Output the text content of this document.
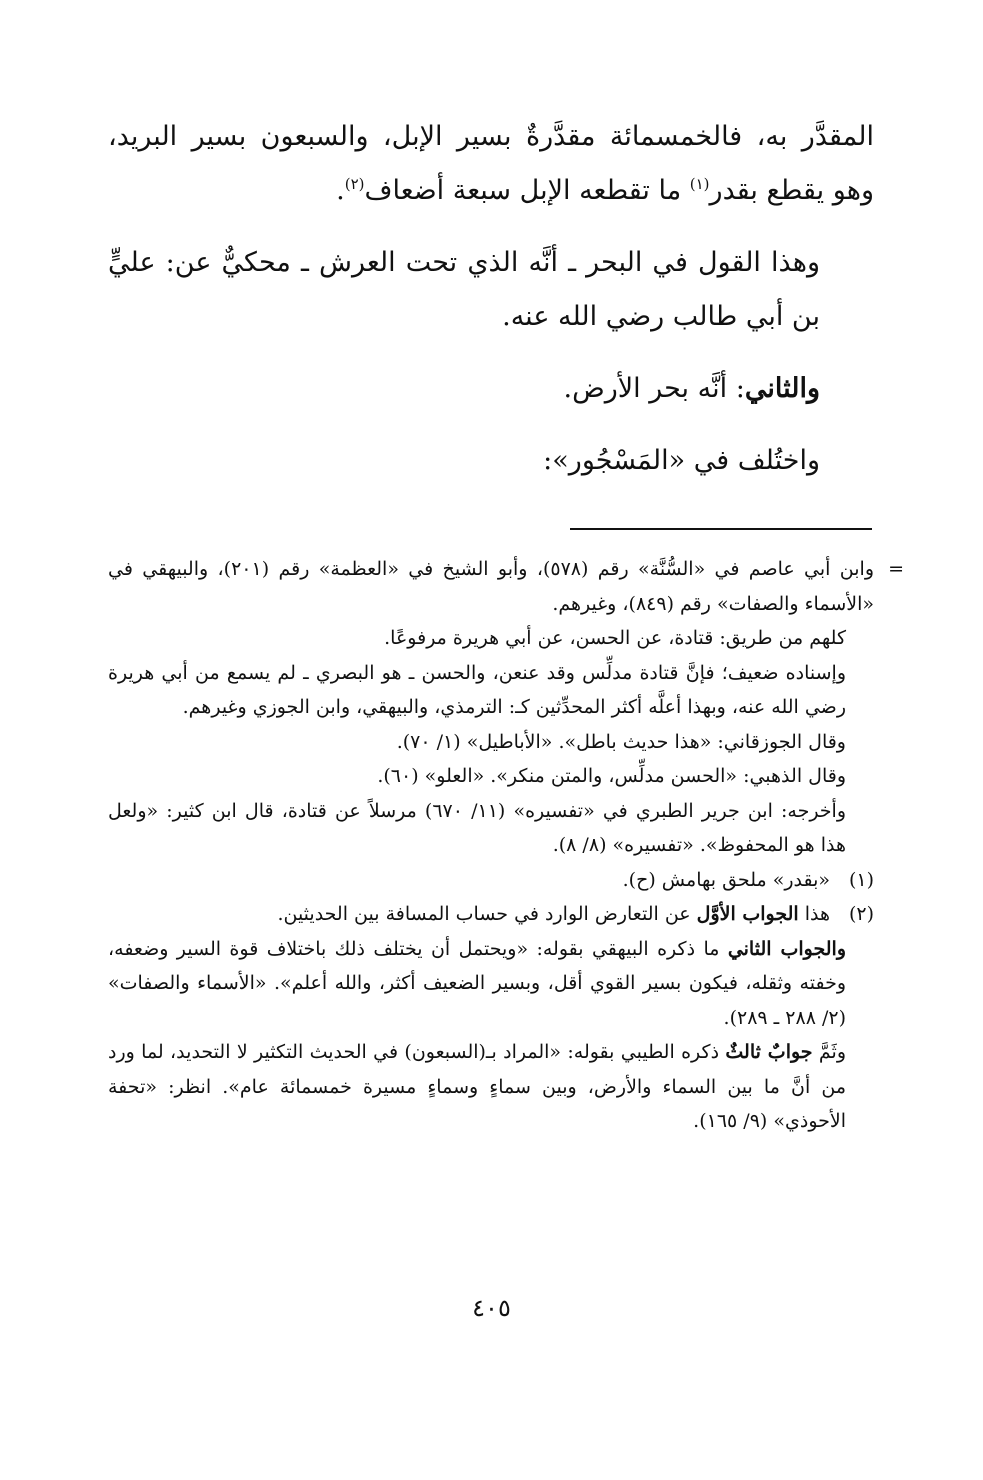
المقدَّر به، فالخمسمائة مقدَّرةٌ بسير الإبل، والسبعون بسير البريد، وهو يقطع بقدر$^{(١)}$ ما تقطعه الإبل سبعة أضعاف$^{(٢)}$.

وهذا القول في البحر ـ أنَّه الذي تحت العرش ـ محكيٌّ عن: عليٍّ بن أبي طالب رضي الله عنه.

والثاني: أنَّه بحر الأرض.

واختُلف في «المَسْجُور»:

=
وابن أبي عاصم في «السُّنَّة» رقم (٥٧٨)، وأبو الشيخ في «العظمة» رقم (٢٠١)، والبيهقي في «الأسماء والصفات» رقم (٨٤٩)، وغيرهم.

كلهم من طريق: قتادة، عن الحسن، عن أبي هريرة مرفوعًا.

وإسناده ضعيف؛ فإنَّ قتادة مدلِّس وقد عنعن، والحسن ـ هو البصري ـ لم يسمع من أبي هريرة رضي الله عنه، وبهذا أعلَّه أكثر المحدِّثين كـ: الترمذي، والبيهقي، وابن الجوزي وغيرهم.

وقال الجوزقاني: «هذا حديث باطل». «الأباطيل» (١/ ٧٠).

وقال الذهبي: «الحسن مدلِّس، والمتن منكر». «العلو» (٦٠).

وأخرجه: ابن جرير الطبري في «تفسيره» (١١/ ٦٧٠) مرسلاً عن قتادة، قال ابن كثير: «ولعل هذا هو المحفوظ». «تفسيره» (٨/ ٨).

(١)«بقدر» ملحق بهامش (ح).

(٢)هذا الجواب الأوَّل عن التعارض الوارد في حساب المسافة بين الحديثين.

والجواب الثاني ما ذكره البيهقي بقوله: «ويحتمل أن يختلف ذلك باختلاف قوة السير وضعفه، وخفته وثقله، فيكون بسير القوي أقل، وبسير الضعيف أكثر، والله أعلم». «الأسماء والصفات» (٢/ ٢٨٨ ـ ٢٨٩).

وثَمَّ جوابٌ ثالثٌ ذكره الطيبي بقوله: «المراد بـ(السبعون) في الحديث التكثير لا التحديد، لما ورد من أنَّ ما بين السماء والأرض، وبين سماءٍ وسماءٍ مسيرة خمسمائة عام». انظر: «تحفة الأحوذي» (٩/ ١٦٥).

٤٠٥
